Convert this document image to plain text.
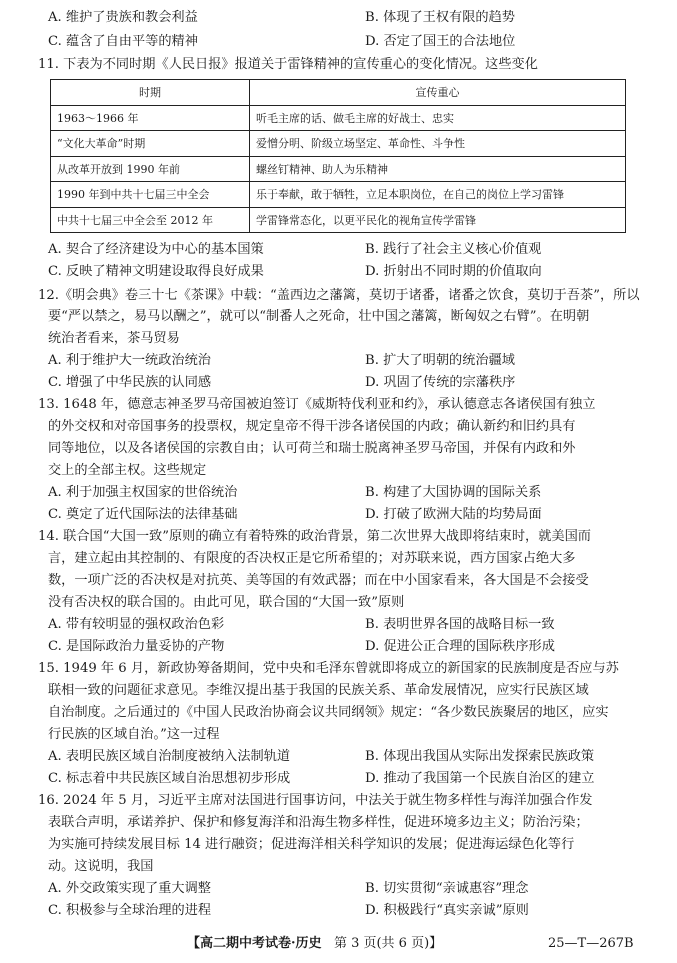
A. 维护了贵族和教会利益	B. 体现了王权有限的趋势
C. 蕴含了自由平等的精神	D. 否定了国王的合法地位
11. 下表为不同时期《人民日报》报道关于雷锋精神的宣传重心的变化情况。这些变化
时期	宣传重心
1963～1966 年	听毛主席的话、做毛主席的好战士、忠实
“文化大革命”时期	爱憎分明、阶级立场坚定、革命性、斗争性
从改革开放到 1990 年前	螺丝钉精神、助人为乐精神
1990 年到中共十七届三中全会	乐于奉献，敢于牺牲，立足本职岗位，在自己的岗位上学习雷锋
中共十七届三中全会至 2012 年	学雷锋常态化，以更平民化的视角宣传学雷锋
A. 契合了经济建设为中心的基本国策	B. 践行了社会主义核心价值观
C. 反映了精神文明建设取得良好成果	D. 折射出不同时期的价值取向
12.《明会典》卷三十七《茶课》中载：“盖西边之藩篱，莫切于诸番，诸番之饮食，莫切于吾茶”，所以
要“严以禁之，易马以酬之”，就可以“制番人之死命，壮中国之藩篱，断匈奴之右臂”。在明朝
统治者看来，茶马贸易
A. 利于维护大一统政治统治	B. 扩大了明朝的统治疆域
C. 增强了中华民族的认同感	D. 巩固了传统的宗藩秩序
13. 1648 年，德意志神圣罗马帝国被迫签订《威斯特伐利亚和约》，承认德意志各诸侯国有独立
的外交权和对帝国事务的投票权，规定皇帝不得干涉各诸侯国的内政；确认新约和旧约具有
同等地位，以及各诸侯国的宗教自由；认可荷兰和瑞士脱离神圣罗马帝国，并保有内政和外
交上的全部主权。这些规定
A. 利于加强主权国家的世俗统治	B. 构建了大国协调的国际关系
C. 奠定了近代国际法的法律基础	D. 打破了欧洲大陆的均势局面
14. 联合国“大国一致”原则的确立有着特殊的政治背景，第二次世界大战即将结束时，就美国而
言，建立起由其控制的、有限度的否决权正是它所希望的；对苏联来说，西方国家占绝大多
数，一项广泛的否决权是对抗英、美等国的有效武器；而在中小国家看来，各大国是不会接受
没有否决权的联合国的。由此可见，联合国的“大国一致”原则
A. 带有较明显的强权政治色彩	B. 表明世界各国的战略目标一致
C. 是国际政治力量妥协的产物	D. 促进公正合理的国际秩序形成
15. 1949 年 6 月，新政协筹备期间，党中央和毛泽东曾就即将成立的新国家的民族制度是否应与苏
联相一致的问题征求意见。李维汉提出基于我国的民族关系、革命发展情况，应实行民族区域
自治制度。之后通过的《中国人民政治协商会议共同纲领》规定：“各少数民族聚居的地区，应实
行民族的区域自治。”这一过程
A. 表明民族区域自治制度被纳入法制轨道	B. 体现出我国从实际出发探索民族政策
C. 标志着中共民族区域自治思想初步形成	D. 推动了我国第一个民族自治区的建立
16. 2024 年 5 月，习近平主席对法国进行国事访问，中法关于就生物多样性与海洋加强合作发
表联合声明，承诺养护、保护和修复海洋和沿海生物多样性，促进环境多边主义；防治污染；
为实施可持续发展目标 14 进行融资；促进海洋相关科学知识的发展；促进海运绿色化等行
动。这说明，我国
A. 外交政策实现了重大调整	B. 切实贯彻“亲诚惠容”理念
C. 积极参与全球治理的进程	D. 积极践行“真实亲诚”原则
【高二期中考试卷·历史 第 3 页(共 6 页)】	25—T—267B
